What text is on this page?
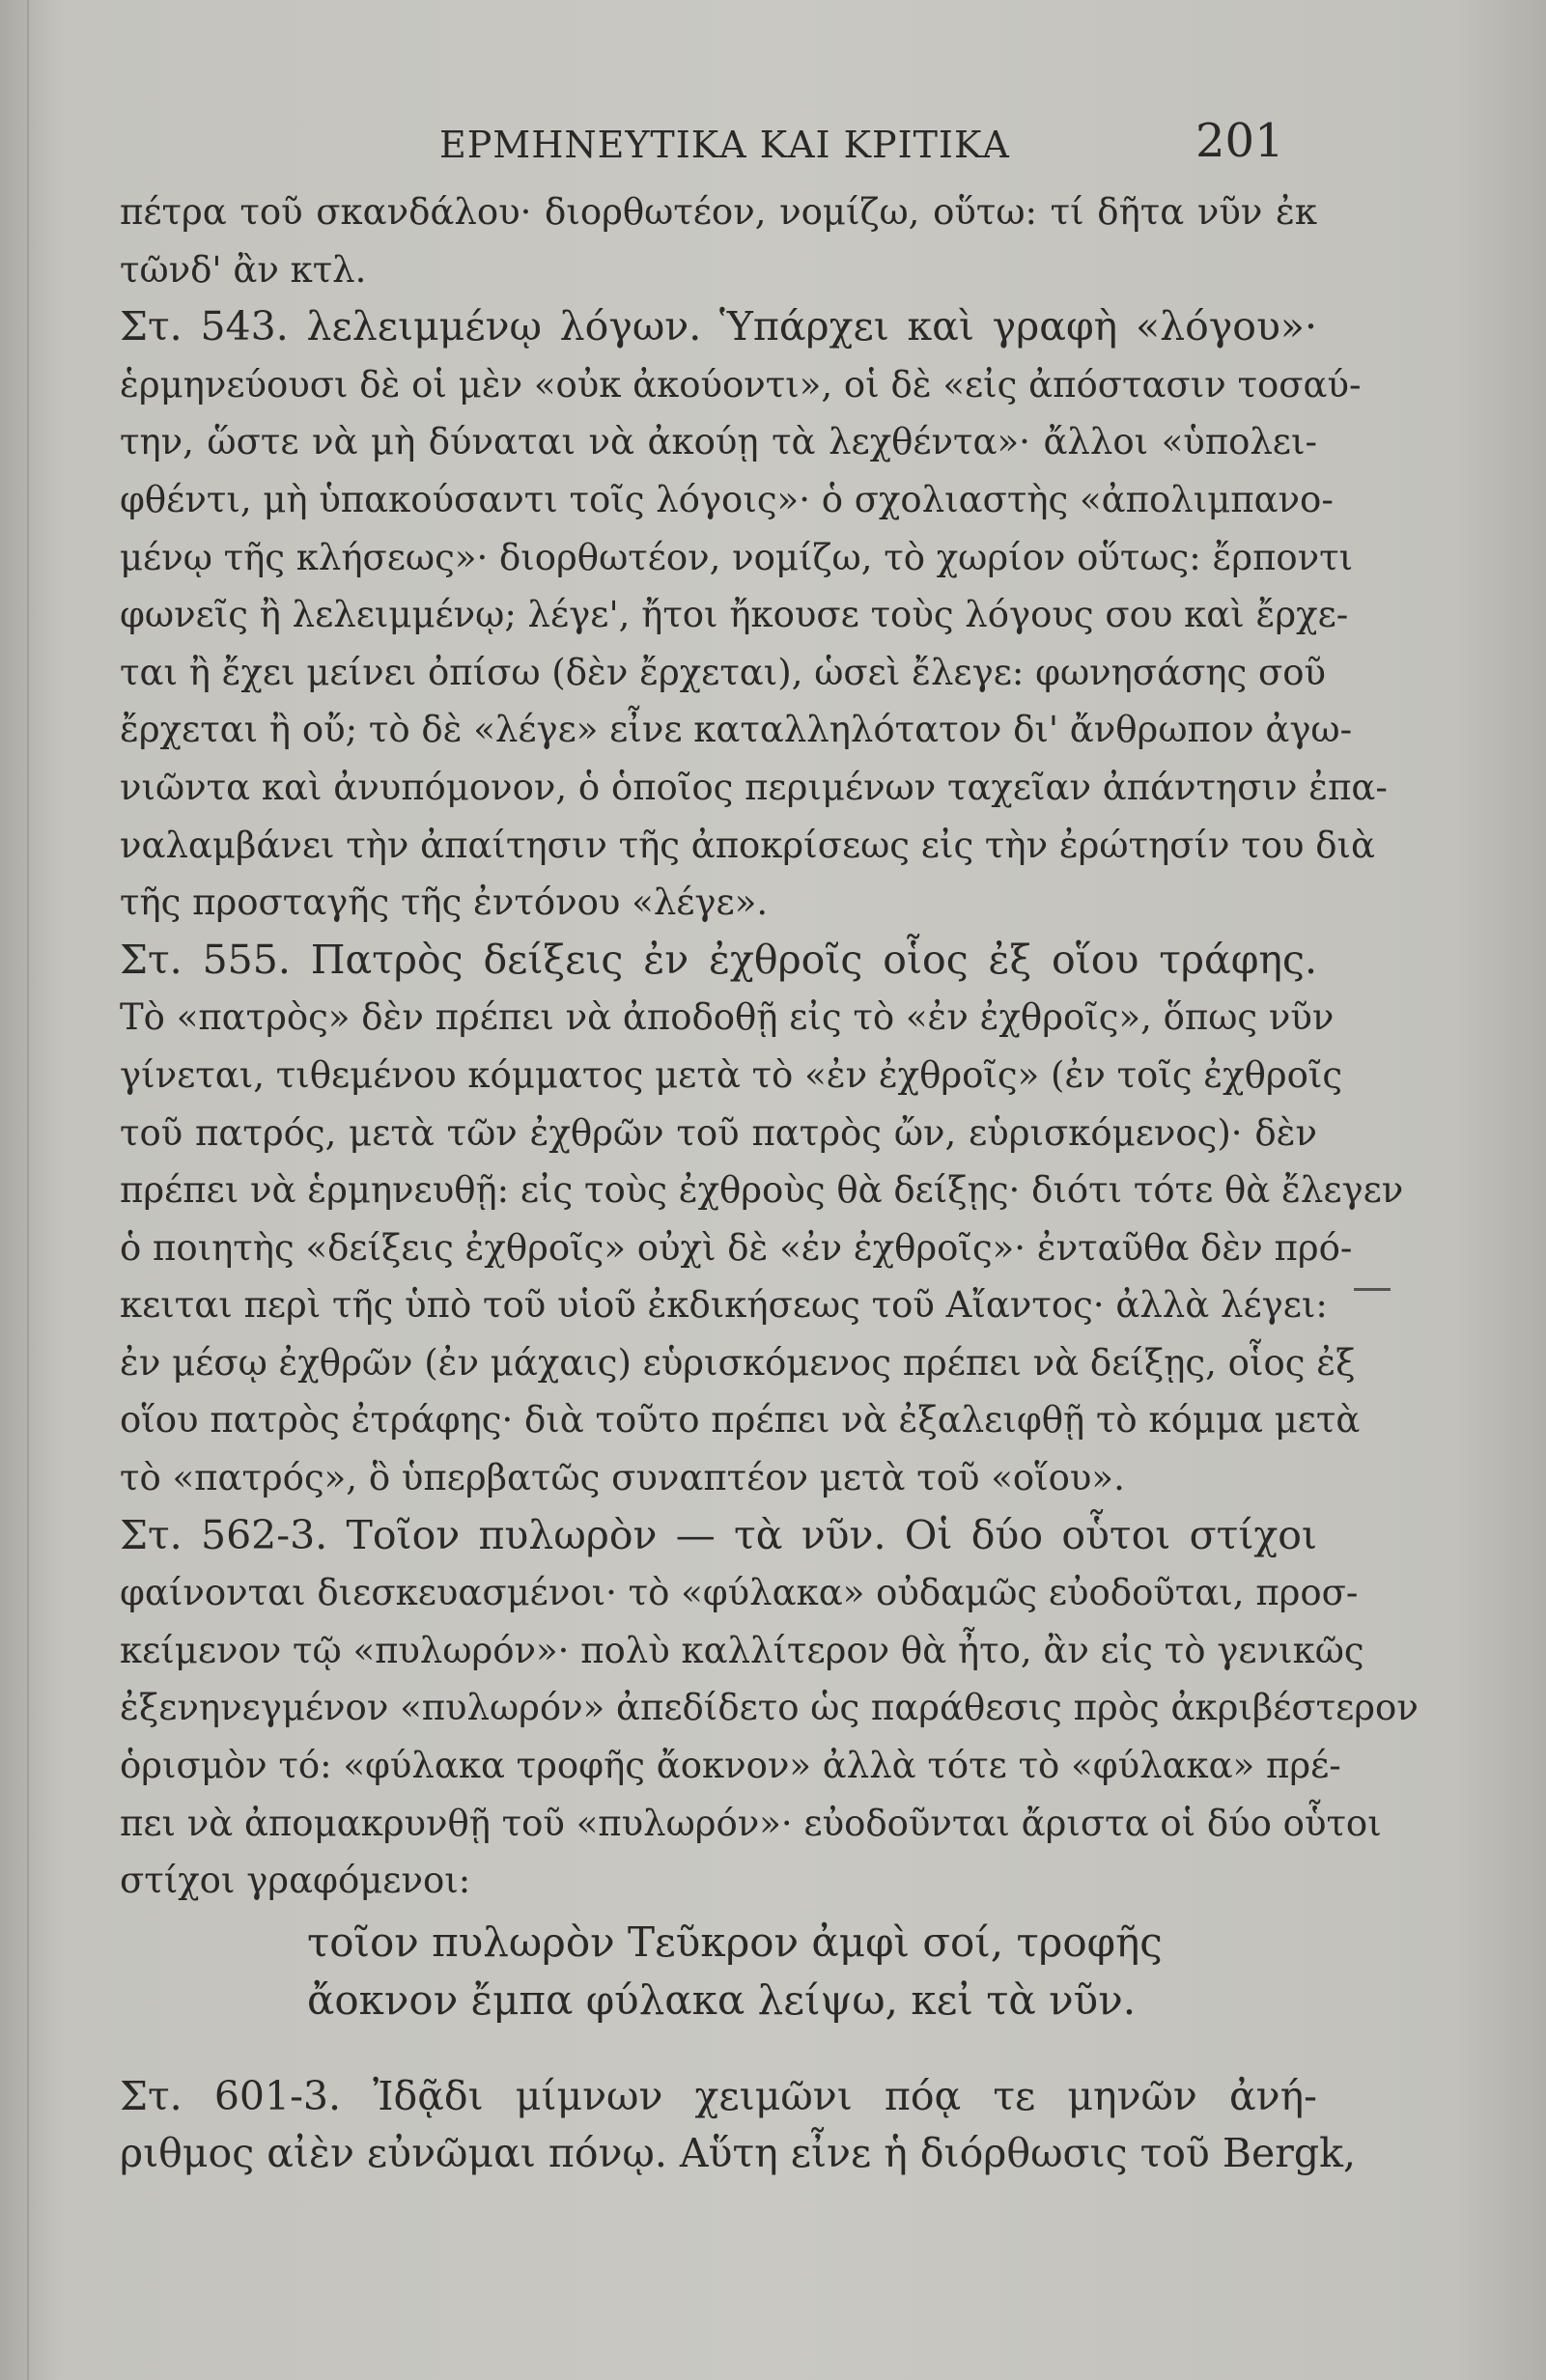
ΕΡΜΗΝΕΥΤΙΚΑ ΚΑΙ ΚΡΙΤΙΚΑ	201
πέτρα τοῦ σκανδάλου· διορθωτέον, νομίζω, οὕτω: τί δῆτα νῦν ἐκ
τῶνδ' ἂν κτλ.
Στ. 543. λελειμμένῳ λόγων. Ὑπάρχει καὶ γραφὴ «λόγου»·
ἑρμηνεύουσι δὲ οἱ μὲν «οὐκ ἀκούοντι», οἱ δὲ «εἰς ἀπόστασιν τοσαύ-
την, ὥστε νὰ μὴ δύναται νὰ ἀκούῃ τὰ λεχθέντα»· ἄλλοι «ὑπολει-
φθέντι, μὴ ὑπακούσαντι τοῖς λόγοις»· ὁ σχολιαστὴς «ἀπολιμπανο-
μένῳ τῆς κλήσεως»· διορθωτέον, νομίζω, τὸ χωρίον οὕτως: ἔρποντι
φωνεῖς ἢ λελειμμένῳ; λέγε', ἤτοι ἤκουσε τοὺς λόγους σου καὶ ἔρχε-
ται ἢ ἔχει μείνει ὀπίσω (δὲν ἔρχεται), ὡσεὶ ἔλεγε: φωνησάσης σοῦ
ἔρχεται ἢ οὔ; τὸ δὲ «λέγε» εἶνε καταλληλότατον δι' ἄνθρωπον ἀγω-
νιῶντα καὶ ἀνυπόμονον, ὁ ὁποῖος περιμένων ταχεῖαν ἀπάντησιν ἐπα-
ναλαμβάνει τὴν ἀπαίτησιν τῆς ἀποκρίσεως εἰς τὴν ἐρώτησίν του διὰ
τῆς προσταγῆς τῆς ἐντόνου «λέγε».
Στ. 555. Πατρὸς δείξεις ἐν ἐχθροῖς οἷος ἐξ οἵου τράφης.
Τὸ «πατρὸς» δὲν πρέπει νὰ ἀποδοθῇ εἰς τὸ «ἐν ἐχθροῖς», ὅπως νῦν
γίνεται, τιθεμένου κόμματος μετὰ τὸ «ἐν ἐχθροῖς» (ἐν τοῖς ἐχθροῖς
τοῦ πατρός, μετὰ τῶν ἐχθρῶν τοῦ πατρὸς ὤν, εὑρισκόμενος)· δὲν
πρέπει νὰ ἑρμηνευθῇ: εἰς τοὺς ἐχθροὺς θὰ δείξῃς· διότι τότε θὰ ἔλεγεν
ὁ ποιητὴς «δείξεις ἐχθροῖς» οὐχὶ δὲ «ἐν ἐχθροῖς»· ἐνταῦθα δὲν πρό-
κειται περὶ τῆς ὑπὸ τοῦ υἱοῦ ἐκδικήσεως τοῦ Αἴαντος· ἀλλὰ λέγει:
ἐν μέσῳ ἐχθρῶν (ἐν μάχαις) εὑρισκόμενος πρέπει νὰ δείξῃς, οἷος ἐξ
οἵου πατρὸς ἐτράφης· διὰ τοῦτο πρέπει νὰ ἐξαλειφθῇ τὸ κόμμα μετὰ
τὸ «πατρός», ὃ ὑπερβατῶς συναπτέον μετὰ τοῦ «οἵου».
Στ. 562-3. Τοῖον πυλωρὸν — τὰ νῦν. Οἱ δύο οὗτοι στίχοι
φαίνονται διεσκευασμένοι· τὸ «φύλακα» οὐδαμῶς εὐοδοῦται, προσ-
κείμενον τῷ «πυλωρόν»· πολὺ καλλίτερον θὰ ἦτο, ἂν εἰς τὸ γενικῶς
ἐξενηνεγμένον «πυλωρόν» ἀπεδίδετο ὡς παράθεσις πρὸς ἀκριβέστερον
ὁρισμὸν τό: «φύλακα τροφῆς ἄοκνον» ἀλλὰ τότε τὸ «φύλακα» πρέ-
πει νὰ ἀπομακρυνθῇ τοῦ «πυλωρόν»· εὐοδοῦνται ἄριστα οἱ δύο οὗτοι
στίχοι γραφόμενοι:
τοῖον πυλωρὸν Τεῦκρον ἀμφὶ σοί, τροφῆς
ἄοκνον ἔμπα φύλακα λείψω, κεἰ τὰ νῦν.
Στ. 601-3. Ἰδᾷδι μίμνων χειμῶνι πόᾳ τε μηνῶν ἀνή-
ριθμος αἰὲν εὐνῶμαι πόνῳ. Αὕτη εἶνε ἡ διόρθωσις τοῦ Bergk,
